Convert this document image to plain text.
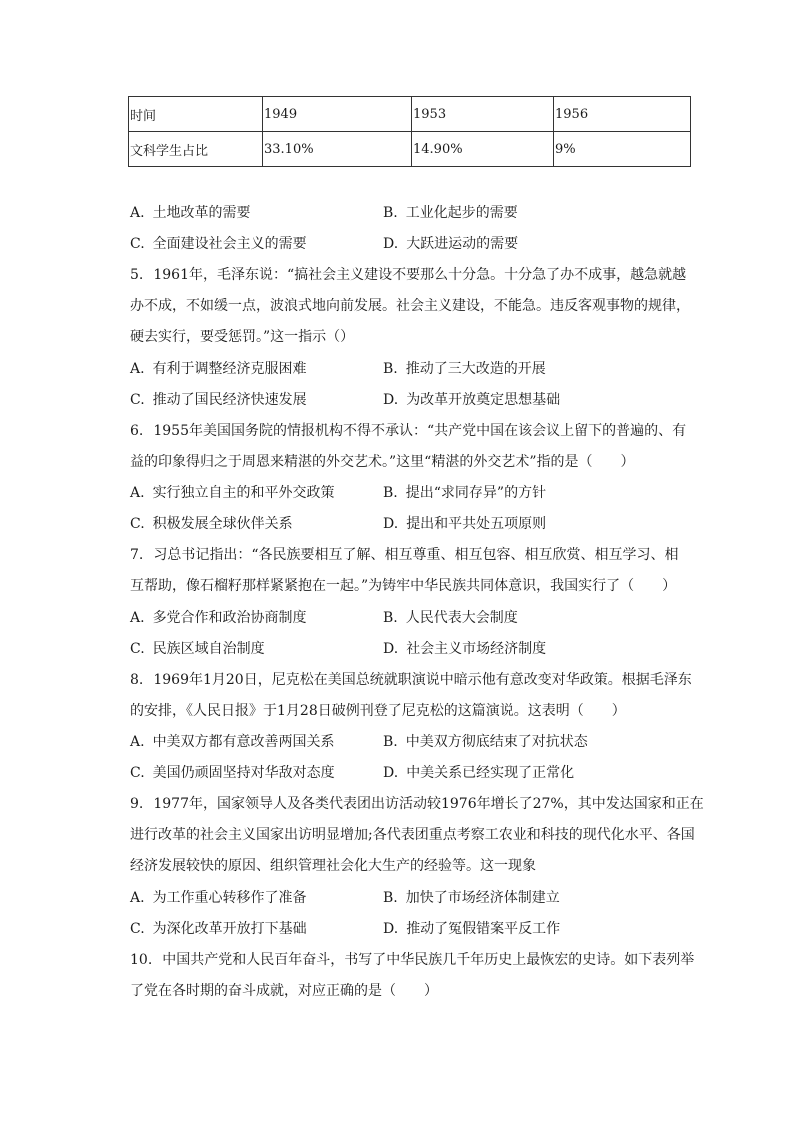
时间	1949	1953	1956
文科学生占比	33.10%	14.90%	9%
A. 土地改革的需要	B. 工业化起步的需要
C. 全面建设社会主义的需要	D. 大跃进运动的需要
5. 1961年，毛泽东说：“搞社会主义建设不要那么十分急。十分急了办不成事，越急就越
办不成，不如缓一点，波浪式地向前发展。社会主义建设，不能急。违反客观事物的规律，
硬去实行，要受惩罚。”这一指示（）
A. 有利于调整经济克服困难	B. 推动了三大改造的开展
C. 推动了国民经济快速发展	D. 为改革开放奠定思想基础
6. 1955年美国国务院的情报机构不得不承认：“共产党中国在该会议上留下的普遍的、有
益的印象得归之于周恩来精湛的外交艺术。”这里“精湛的外交艺术”指的是（　　）
A. 实行独立自主的和平外交政策	B. 提出“求同存异”的方针
C. 积极发展全球伙伴关系	D. 提出和平共处五项原则
7. 习总书记指出：“各民族要相互了解、相互尊重、相互包容、相互欣赏、相互学习、相
互帮助，像石榴籽那样紧紧抱在一起。”为铸牢中华民族共同体意识，我国实行了（　　）
A. 多党合作和政治协商制度	B. 人民代表大会制度
C. 民族区域自治制度	D. 社会主义市场经济制度
8. 1969年1月20日，尼克松在美国总统就职演说中暗示他有意改变对华政策。根据毛泽东
的安排，《人民日报》于1月28日破例刊登了尼克松的这篇演说。这表明（　　）
A. 中美双方都有意改善两国关系	B. 中美双方彻底结束了对抗状态
C. 美国仍顽固坚持对华敌对态度	D. 中美关系已经实现了正常化
9. 1977年，国家领导人及各类代表团出访活动较1976年增长了27%，其中发达国家和正在
进行改革的社会主义国家出访明显增加;各代表团重点考察工农业和科技的现代化水平、各国
经济发展较快的原因、组织管理社会化大生产的经验等。这一现象
A. 为工作重心转移作了准备	B. 加快了市场经济体制建立
C. 为深化改革开放打下基础	D. 推动了冤假错案平反工作
10. 中国共产党和人民百年奋斗，书写了中华民族几千年历史上最恢宏的史诗。如下表列举
了党在各时期的奋斗成就，对应正确的是（　　）
